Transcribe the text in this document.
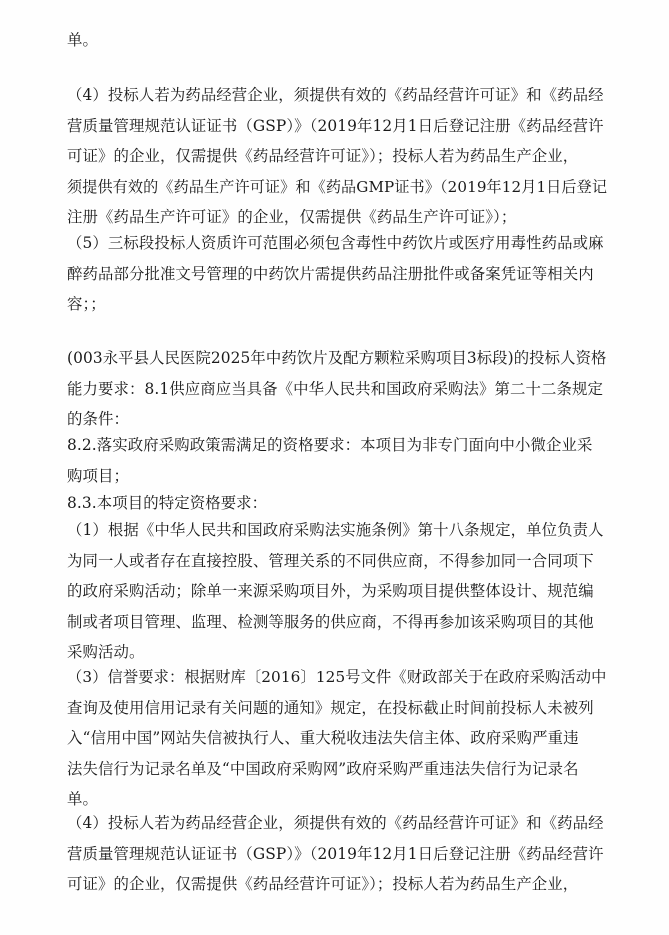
单。

（4）投标人若为药品经营企业，须提供有效的《药品经营许可证》和《药品经
营质量管理规范认证证书（GSP）》（2019年12月1日后登记注册《药品经营许
可证》的企业，仅需提供《药品经营许可证》）；投标人若为药品生产企业，
须提供有效的《药品生产许可证》和《药品GMP证书》（2019年12月1日后登记
注册《药品生产许可证》的企业，仅需提供《药品生产许可证》）；

（5）三标段投标人资质许可范围必须包含毒性中药饮片或医疗用毒性药品或麻
醉药品部分批准文号管理的中药饮片需提供药品注册批件或备案凭证等相关内
容；；

(003永平县人民医院2025年中药饮片及配方颗粒采购项目3标段)的投标人资格
能力要求：8.1供应商应当具备《中华人民共和国政府采购法》第二十二条规定
的条件：

8.2.落实政府采购政策需满足的资格要求：本项目为非专门面向中小微企业采
购项目；

8.3.本项目的特定资格要求：

（1）根据《中华人民共和国政府采购法实施条例》第十八条规定，单位负责人
为同一人或者存在直接控股、管理关系的不同供应商，不得参加同一合同项下
的政府采购活动；除单一来源采购项目外，为采购项目提供整体设计、规范编
制或者项目管理、监理、检测等服务的供应商，不得再参加该采购项目的其他
采购活动。

（3）信誉要求：根据财库〔2016〕125号文件《财政部关于在政府采购活动中
查询及使用信用记录有关问题的通知》规定，在投标截止时间前投标人未被列
入“信用中国”网站失信被执行人、重大税收违法失信主体、政府采购严重违
法失信行为记录名单及“中国政府采购网”政府采购严重违法失信行为记录名
单。

（4）投标人若为药品经营企业，须提供有效的《药品经营许可证》和《药品经
营质量管理规范认证证书（GSP）》（2019年12月1日后登记注册《药品经营许
可证》的企业，仅需提供《药品经营许可证》）；投标人若为药品生产企业，
